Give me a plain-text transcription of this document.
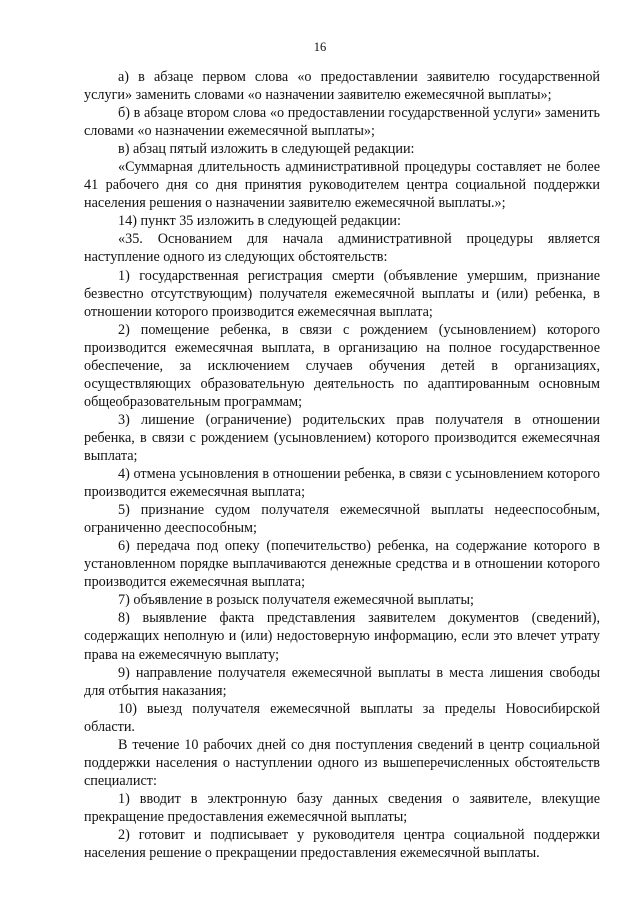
16

а) в абзаце первом слова «о предоставлении заявителю государственной услуги» заменить словами «о назначении заявителю ежемесячной выплаты»;

б) в абзаце втором слова «о предоставлении государственной услуги» заменить словами «о назначении ежемесячной выплаты»;

в) абзац пятый изложить в следующей редакции:

«Суммарная длительность административной процедуры составляет не более 41 рабочего дня со дня принятия руководителем центра социальной поддержки населения решения о назначении заявителю ежемесячной выплаты.»;

14) пункт 35 изложить в следующей редакции:

«35. Основанием для начала административной процедуры является наступление одного из следующих обстоятельств:

1) государственная регистрация смерти (объявление умершим, признание безвестно отсутствующим) получателя ежемесячной выплаты и (или) ребенка, в отношении которого производится ежемесячная выплата;

2) помещение ребенка, в связи с рождением (усыновлением) которого производится ежемесячная выплата, в организацию на полное государственное обеспечение, за исключением случаев обучения детей в организациях, осуществляющих образовательную деятельность по адаптированным основным общеобразовательным программам;

3) лишение (ограничение) родительских прав получателя в отношении ребенка, в связи с рождением (усыновлением) которого производится ежемесячная выплата;

4) отмена усыновления в отношении ребенка, в связи с усыновлением которого производится ежемесячная выплата;

5) признание судом получателя ежемесячной выплаты недееспособным, ограниченно дееспособным;

6) передача под опеку (попечительство) ребенка, на содержание которого в установленном порядке выплачиваются денежные средства и в отношении которого производится ежемесячная выплата;

7) объявление в розыск получателя ежемесячной выплаты;

8) выявление факта представления заявителем документов (сведений), содержащих неполную и (или) недостоверную информацию, если это влечет утрату права на ежемесячную выплату;

9) направление получателя ежемесячной выплаты в места лишения свободы для отбытия наказания;

10) выезд получателя ежемесячной выплаты за пределы Новосибирской области.

В течение 10 рабочих дней со дня поступления сведений в центр социальной поддержки населения о наступлении одного из вышеперечисленных обстоятельств специалист:

1) вводит в электронную базу данных сведения о заявителе, влекущие прекращение предоставления ежемесячной выплаты;

2) готовит и подписывает у руководителя центра социальной поддержки населения решение о прекращении предоставления ежемесячной выплаты.
